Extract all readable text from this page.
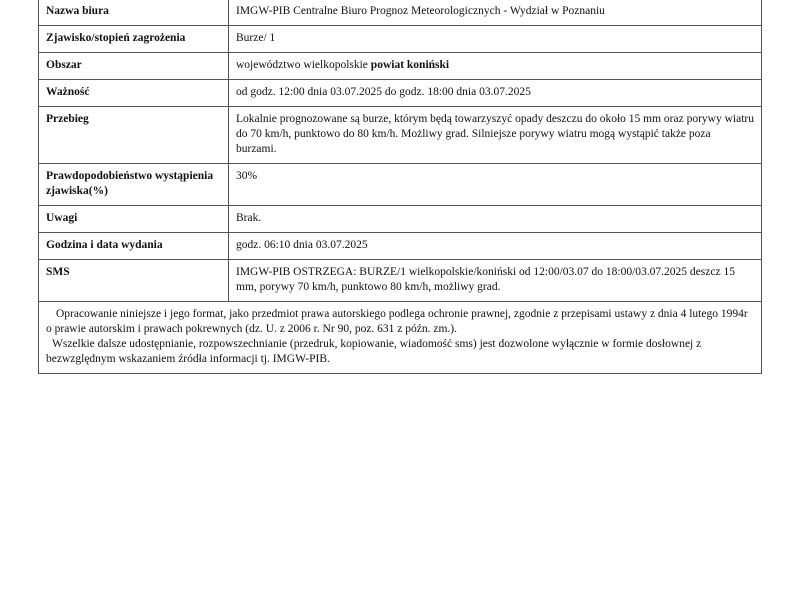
Nazwa biura	IMGW-PIB Centralne Biuro Prognoz Meteorologicznych - Wydział w Poznaniu
Zjawisko/stopień zagrożenia	Burze/ 1
Obszar	województwo wielkopolskie powiat koniński
Ważność	od godz. 12:00 dnia 03.07.2025 do godz. 18:00 dnia 03.07.2025
Przebieg	Lokalnie prognozowane są burze, którym będą towarzyszyć opady deszczu do około 15 mm oraz porywy wiatru do 70 km/h, punktowo do 80 km/h. Możliwy grad. Silniejsze porywy wiatru mogą wystąpić także poza burzami.
Prawdopodobieństwo wystąpienia zjawiska(%)	30%
Uwagi	Brak.
Godzina i data wydania	godz. 06:10 dnia 03.07.2025
SMS	IMGW-PIB OSTRZEGA: BURZE/1 wielkopolskie/koniński od 12:00/03.07 do 18:00/03.07.2025 deszcz 15 mm, porywy 70 km/h, punktowo 80 km/h, możliwy grad.

Opracowanie niniejsze i jego format, jako przedmiot prawa autorskiego podlega ochronie prawnej, zgodnie z przepisami ustawy z dnia 4 lutego 1994r o prawie autorskim i prawach pokrewnych (dz. U. z 2006 r. Nr 90, poz. 631 z późn. zm.).

Wszelkie dalsze udostępnianie, rozpowszechnianie (przedruk, kopiowanie, wiadomość sms) jest dozwolone wyłącznie w formie dosłownej z bezwzględnym wskazaniem źródła informacji tj. IMGW-PIB.	
